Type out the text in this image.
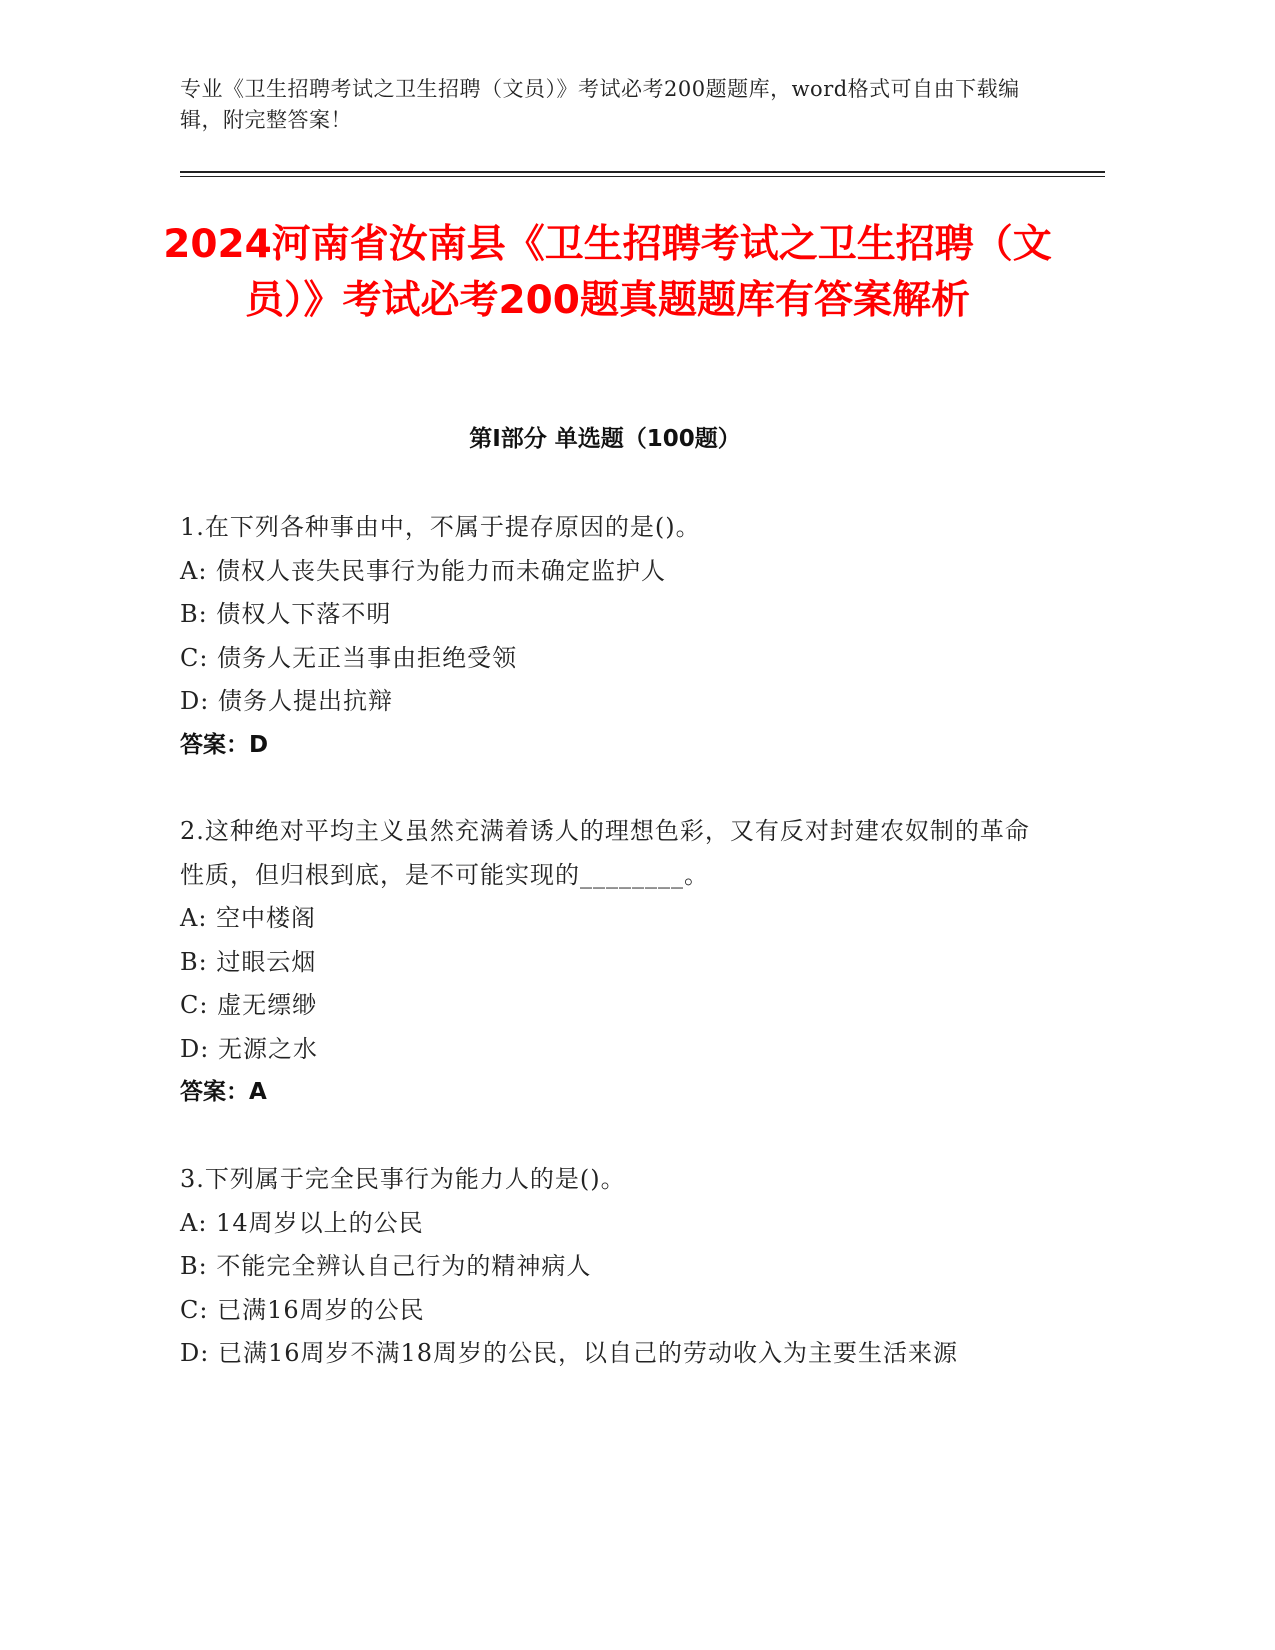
专业《卫生招聘考试之卫生招聘（文员）》考试必考200题题库，word格式可自由下载编辑，附完整答案！
2024河南省汝南县《卫生招聘考试之卫生招聘（文员）》考试必考200题真题题库有答案解析
第I部分 单选题（100题）
1.在下列各种事由中，不属于提存原因的是()。
A: 债权人丧失民事行为能力而未确定监护人
B: 债权人下落不明
C: 债务人无正当事由拒绝受领
D: 债务人提出抗辩
答案：D
2.这种绝对平均主义虽然充满着诱人的理想色彩，又有反对封建农奴制的革命性质，但归根到底，是不可能实现的________。
A: 空中楼阁
B: 过眼云烟
C: 虚无缥缈
D: 无源之水
答案：A
3.下列属于完全民事行为能力人的是()。
A: 14周岁以上的公民
B: 不能完全辨认自己行为的精神病人
C: 已满16周岁的公民
D: 已满16周岁不满18周岁的公民，以自己的劳动收入为主要生活来源
